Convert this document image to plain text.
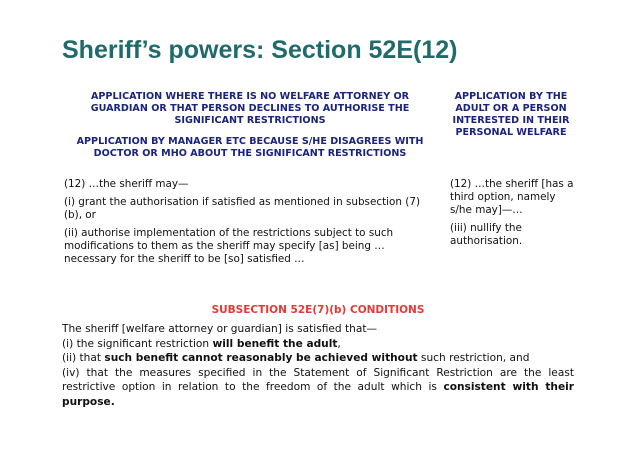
Sheriff’s powers: Section 52E(12)
APPLICATION WHERE THERE IS NO WELFARE ATTORNEY OR GUARDIAN OR THAT PERSON DECLINES TO AUTHORISE THE SIGNIFICANT RESTRICTIONS
APPLICATION BY MANAGER ETC BECAUSE S/HE DISAGREES WITH DOCTOR OR MHO ABOUT THE SIGNIFICANT RESTRICTIONS
APPLICATION BY THE ADULT OR A PERSON INTERESTED IN THEIR PERSONAL WELFARE

(12) …the sheriff may—

(i) grant the authorisation if satisfied as mentioned in subsection (7)(b), or

(ii) authorise implementation of the restrictions subject to such modifications to them as the sheriff may specify [as] being … necessary for the sheriff to be [so] satisfied …

(12) …the sheriff [has a third option, namely s/he may]—…

(iii) nullify the authorisation.

SUBSECTION 52E(7)(b) CONDITIONS

The sheriff [welfare attorney or guardian] is satisfied that—

(i) the significant restriction will benefit the adult,

(ii) that such benefit cannot reasonably be achieved without such restriction, and

(iv) that the measures specified in the Statement of Significant Restriction are the least restrictive option in relation to the freedom of the adult which is consistent with their purpose.
